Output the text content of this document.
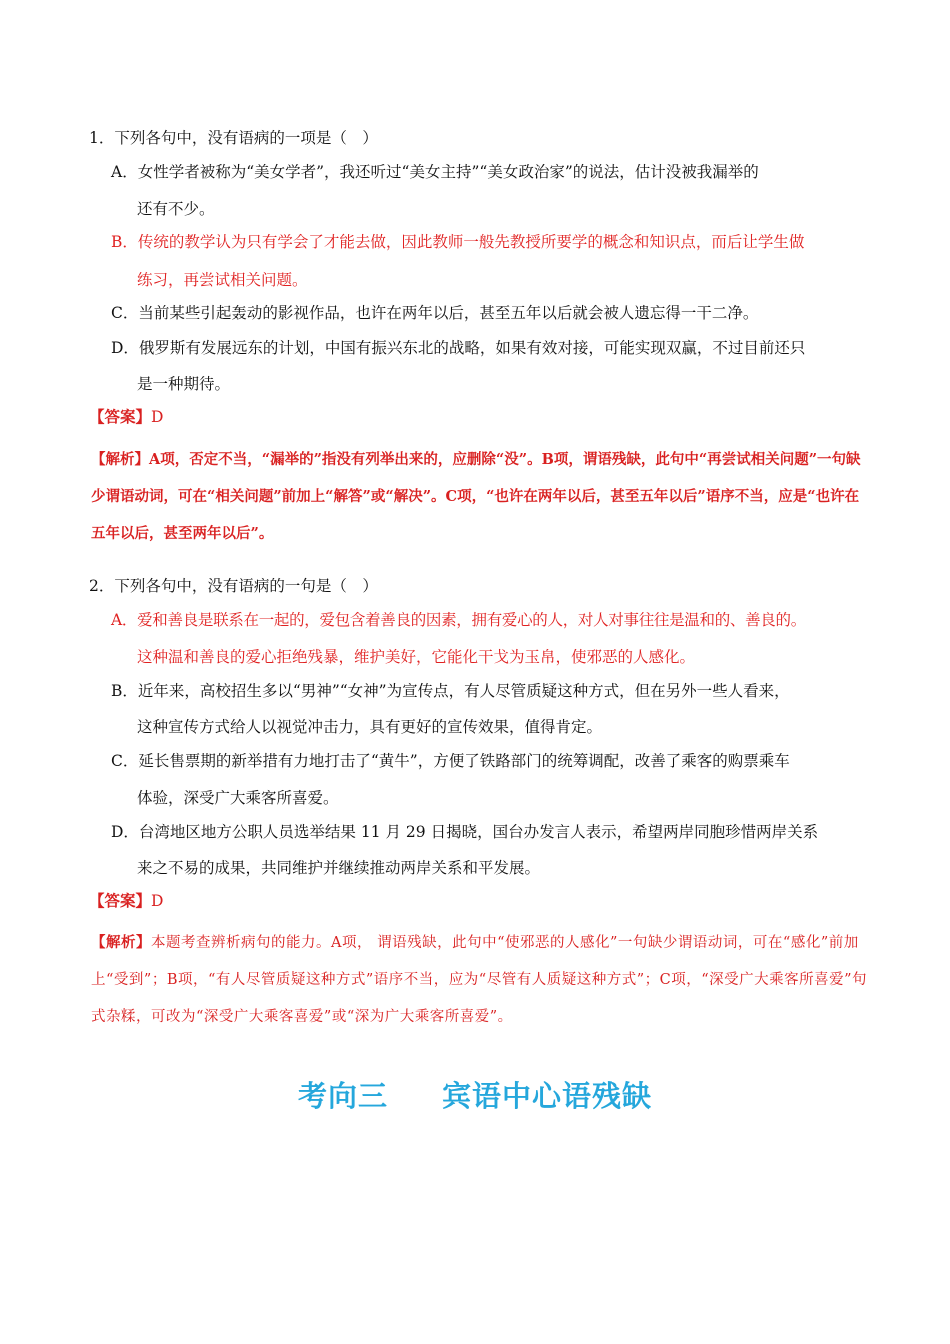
1．下列各句中，没有语病的一项是（　）
A．女性学者被称为“美女学者”，我还听过“美女主持”“美女政治家”的说法，估计没被我漏举的
还有不少。
B．传统的教学认为只有学会了才能去做，因此教师一般先教授所要学的概念和知识点，而后让学生做
练习，再尝试相关问题。
C．当前某些引起轰动的影视作品，也许在两年以后，甚至五年以后就会被人遗忘得一干二净。
D．俄罗斯有发展远东的计划，中国有振兴东北的战略，如果有效对接，可能实现双赢，不过目前还只
是一种期待。
【答案】D
【解析】A项，否定不当，“漏举的”指没有列举出来的，应删除“没”。B项，谓语残缺，此句中“再尝试相关问题”一句缺少谓语动词，可在“相关问题”前加上“解答”或“解决”。C项，“也许在两年以后，甚至五年以后”语序不当，应是“也许在五年以后，甚至两年以后”。
2．下列各句中，没有语病的一句是（　）
A．爱和善良是联系在一起的，爱包含着善良的因素，拥有爱心的人，对人对事往往是温和的、善良的。
这种温和善良的爱心拒绝残暴，维护美好，它能化干戈为玉帛，使邪恶的人感化。
B．近年来，高校招生多以“男神”“女神”为宣传点，有人尽管质疑这种方式，但在另外一些人看来，
这种宣传方式给人以视觉冲击力，具有更好的宣传效果，值得肯定。
C．延长售票期的新举措有力地打击了“黄牛”，方便了铁路部门的统筹调配，改善了乘客的购票乘车
体验，深受广大乘客所喜爱。
D．台湾地区地方公职人员选举结果 11 月 29 日揭晓，国台办发言人表示，希望两岸同胞珍惜两岸关系
来之不易的成果，共同维护并继续推动两岸关系和平发展。
【答案】D
【解析】本题考查辨析病句的能力。A项， 谓语残缺，此句中“使邪恶的人感化”一句缺少谓语动词，可在“感化”前加上“受到”；B项，“有人尽管质疑这种方式”语序不当，应为“尽管有人质疑这种方式”；C项，“深受广大乘客所喜爱”句式杂糅，可改为“深受广大乘客喜爱”或“深为广大乘客所喜爱”。
考向三 宾语中心语残缺
